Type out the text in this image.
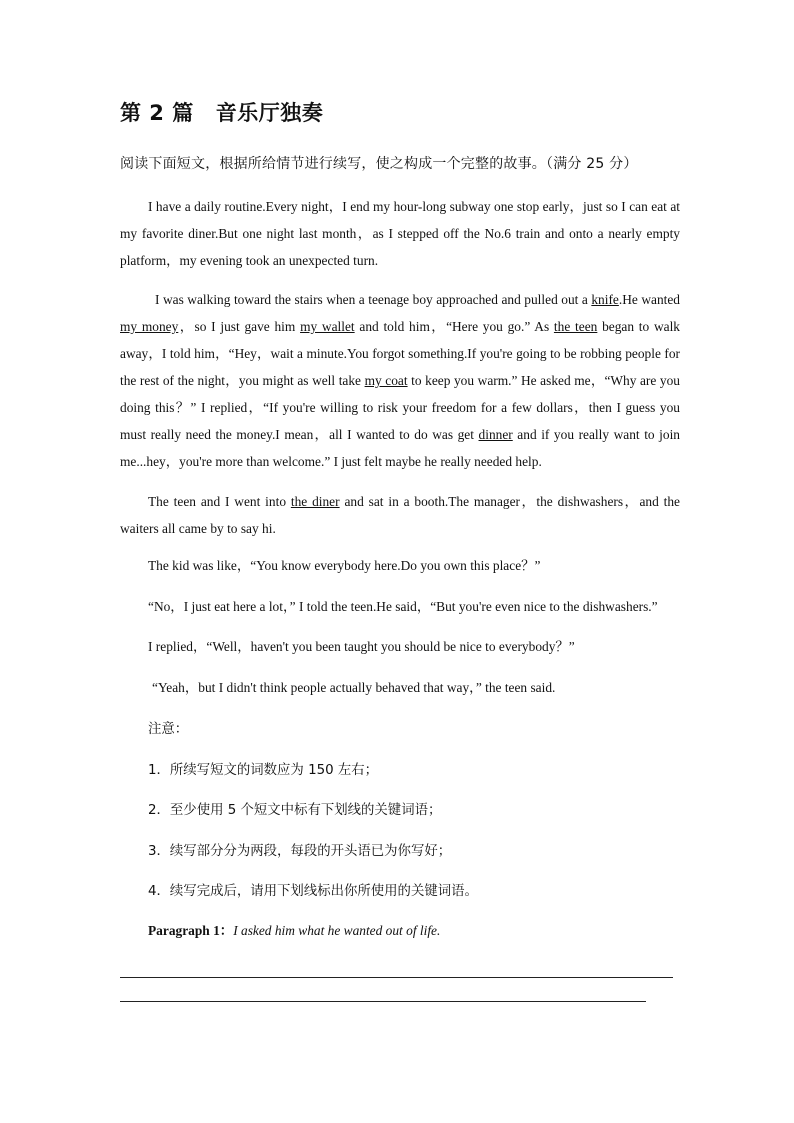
第 2 篇 音乐厅独奏
阅读下面短文，根据所给情节进行续写，使之构成一个完整的故事。（满分 25 分）

I have a daily routine.Every night，I end my hour-long subway one stop early，just so I can eat at my favorite diner.But one night last month，as I stepped off the No.6 train and onto a nearly empty platform，my evening took an unexpected turn.

I was walking toward the stairs when a teenage boy approached and pulled out a knife.He wanted my money，so I just gave him my wallet and told him，“Here you go.” As the teen began to walk away，I told him，“Hey，wait a minute.You forgot something.If you're going to be robbing people for the rest of the night，you might as well take my coat to keep you warm.” He asked me，“Why are you doing this？” I replied，“If you're willing to risk your freedom for a few dollars，then I guess you must really need the money.I mean，all I wanted to do was get dinner and if you really want to join me...hey，you're more than welcome.” I just felt maybe he really needed help.

The teen and I went into the diner and sat in a booth.The manager，the dishwashers，and the waiters all came by to say hi.

The kid was like，“You know everybody here.Do you own this place？”
“No，I just eat here a lot，” I told the teen.He said，“But you're even nice to the dishwashers.”
I replied，“Well，haven't you been taught you should be nice to everybody？”
“Yeah，but I didn't think people actually behaved that way，” the teen said.
注意：
1．所续写短文的词数应为 150 左右；
2．至少使用 5 个短文中标有下划线的关键词语；
3．续写部分分为两段，每段的开头语已为你写好；
4．续写完成后，请用下划线标出你所使用的关键词语。
Paragraph 1：I asked him what he wanted out of life.
